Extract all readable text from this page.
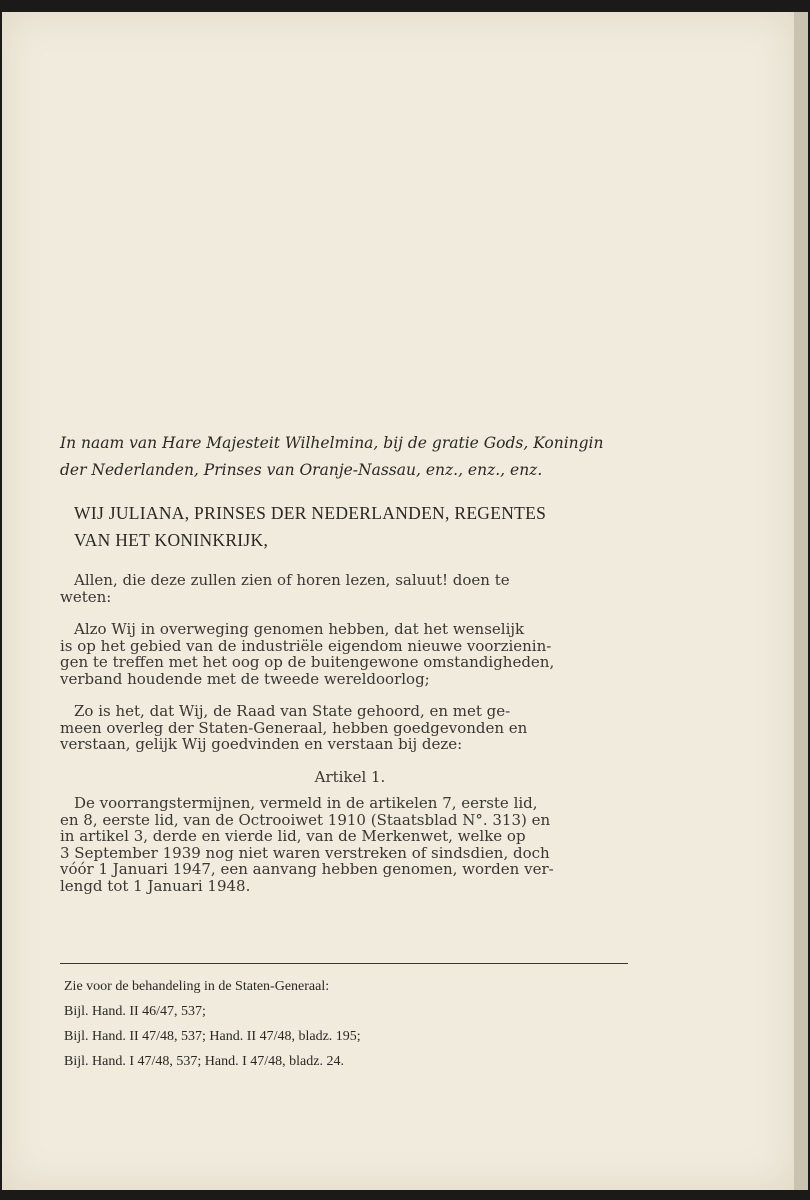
In naam van Hare Majesteit Wilhelmina, bij de gratie Gods, Koningin
der Nederlanden, Prinses van Oranje-Nassau, enz., enz., enz.
WIJ JULIANA, PRINSES DER NEDERLANDEN, REGENTES
VAN HET KONINKRIJK,
Allen, die deze zullen zien of horen lezen, saluut! doen te
weten:
Alzo Wij in overweging genomen hebben, dat het wenselijk
is op het gebied van de industriële eigendom nieuwe voorzienin-
gen te treffen met het oog op de buitengewone omstandigheden,
verband houdende met de tweede wereldoorlog;
Zo is het, dat Wij, de Raad van State gehoord, en met ge-
meen overleg der Staten-Generaal, hebben goedgevonden en
verstaan, gelijk Wij goedvinden en verstaan bij deze:
Artikel 1.
De voorrangstermijnen, vermeld in de artikelen 7, eerste lid,
en 8, eerste lid, van de Octrooiwet 1910 (Staatsblad N°. 313) en
in artikel 3, derde en vierde lid, van de Merkenwet, welke op
3 September 1939 nog niet waren verstreken of sindsdien, doch
vóór 1 Januari 1947, een aanvang hebben genomen, worden ver-
lengd tot 1 Januari 1948.
Zie voor de behandeling in de Staten-Generaal:
Bijl. Hand. II 46/47, 537;
Bijl. Hand. II 47/48, 537; Hand. II 47/48, bladz. 195;
Bijl. Hand. I 47/48, 537; Hand. I 47/48, bladz. 24.
